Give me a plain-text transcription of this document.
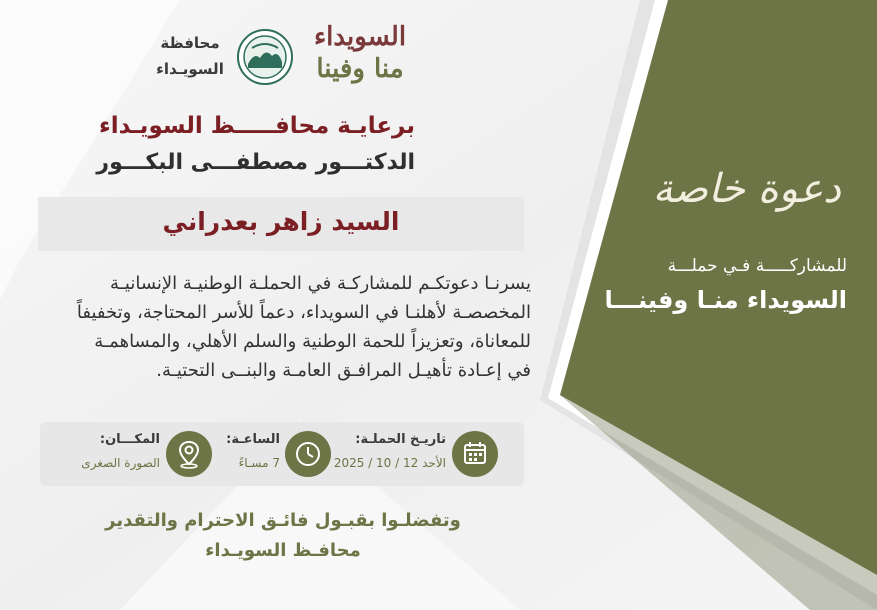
السويداء
منا وفينا
محافظة
السويـداء
برعايـة محافـــــظ السويـداء
الدكتـــور مصطفـــى البكـــور
السيد زاهر بعدراني
يسرنـا دعوتكـم للمشاركـة في الحملـة الوطنيـة الإنسانيـة
المخصصـة لأهلنـا في السويداء، دعماً للأسر المحتاجة، وتخفيفاً
للمعاناة، وتعزيزاً للحمة الوطنية والسلم الأهلي، والمساهمـة
في إعـادة تأهيـل المرافـق العامـة والبنــى التحتيـة.
تاريـخ الحملـة:
الأحد 12 / 10 / 2025
الساعـة:
7 مسـاءً
المكـــان:
الصورة الصغرى
وتفضلـوا بقبـول فائـق الاحترام والتقدير
محافـظ السويـداء
دعوة خاصة
للمشاركـــــة فـي حملـــة
السويداء منـا وفينـــا
